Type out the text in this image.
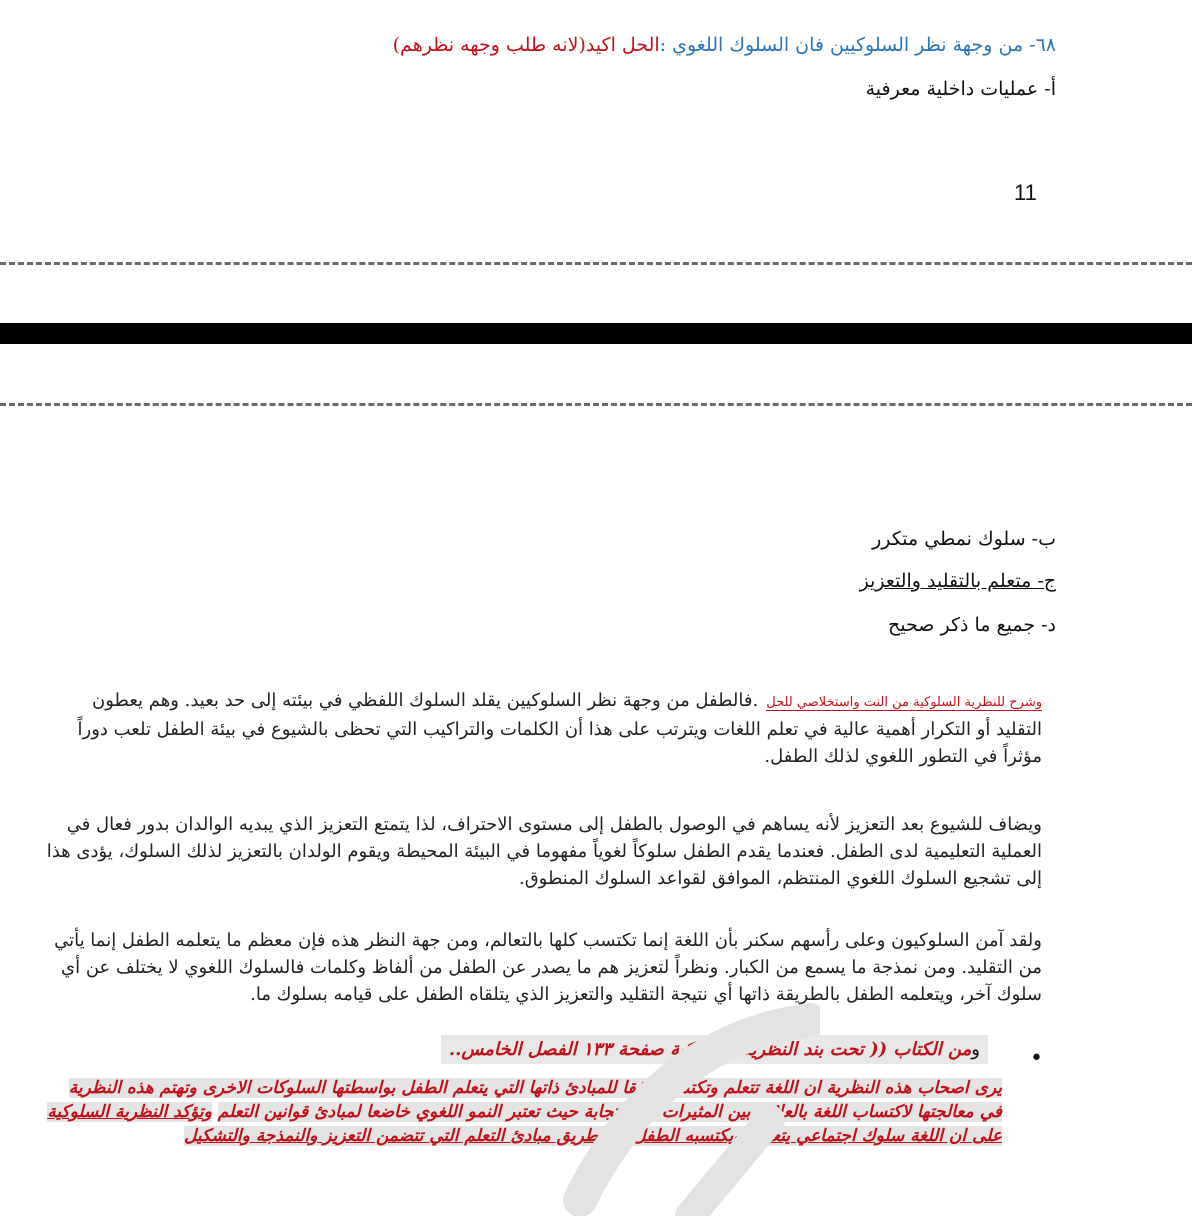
٦٨- من وجهة نظر السلوكيين فان السلوك اللغوي :الحل اكيد(لانه طلب وجهه نظرهم)
أ- عمليات داخلية معرفية
11
ب- سلوك نمطي متكرر
ج- متعلم بالتقليد والتعزيز
د- جميع ما ذكر صحيح
وشرح للنظرية السلوكية من النت واستخلاصي للحل.فالطفل من وجهة نظر السلوكيين يقلد السلوك اللفظي في بيئته إلى حد بعيد. وهم يعطون التقليد أو التكرار أهمية عالية في تعلم اللغات ويترتب على هذا أن الكلمات والتراكيب التي تحظى بالشيوع في بيئة الطفل تلعب دوراً مؤثراً في التطور اللغوي لذلك الطفل.
ويضاف للشيوع بعد التعزيز لأنه يساهم في الوصول بالطفل إلى مستوى الاحتراف، لذا يتمتع التعزيز الذي يبديه الوالدان بدور فعال في العملية التعليمية لدى الطفل. فعندما يقدم الطفل سلوكاً لغوياً مفهوما في البيئة المحيطة ويقوم الولدان بالتعزيز لذلك السلوك، يؤدى هذا إلى تشجيع السلوك اللغوي المنتظم، الموافق لقواعد السلوك المنطوق.
ولقد آمن السلوكيون وعلى رأسهم سكنر بأن اللغة إنما تكتسب كلها بالتعالم، ومن جهة النظر هذه فإن معظم ما يتعلمه الطفل إنما يأتي من التقليد. ومن نمذجة ما يسمع من الكبار. ونظراً لتعزيز هم ما يصدر عن الطفل من ألفاظ وكلمات فالسلوك اللغوي لا يختلف عن أي سلوك آخر، ويتعلمه الطفل بالطريقة ذاتها أي نتيجة التقليد والتعزيز الذي يتلقاه الطفل على قيامه بسلوك ما.
•
ومن الكتاب (( تحت بند النظرية السلوكية صفحة ١٣٣ الفصل الخامس..
يرى اصحاب هذه النظرية ان اللغة تتعلم وتكتسب وفقا للمبادئ ذاتها التي يتعلم الطفل بواسطتها السلوكات الاخرى وتهتم هذه النظرية في معالجتها لاكتساب اللغة بالعلاقة بين المثيرات والاستجابة حيث تعتبر النمو اللغوي خاضعا لمبادئ قوانين التعلم وتؤكد النظرية السلوكية على ان اللغة سلوك اجتماعي يتعلمه ويكتسبه الطفل عن طريق مبادئ التعلم التي تتضمن التعزيز والنمذجة والتشكيل
